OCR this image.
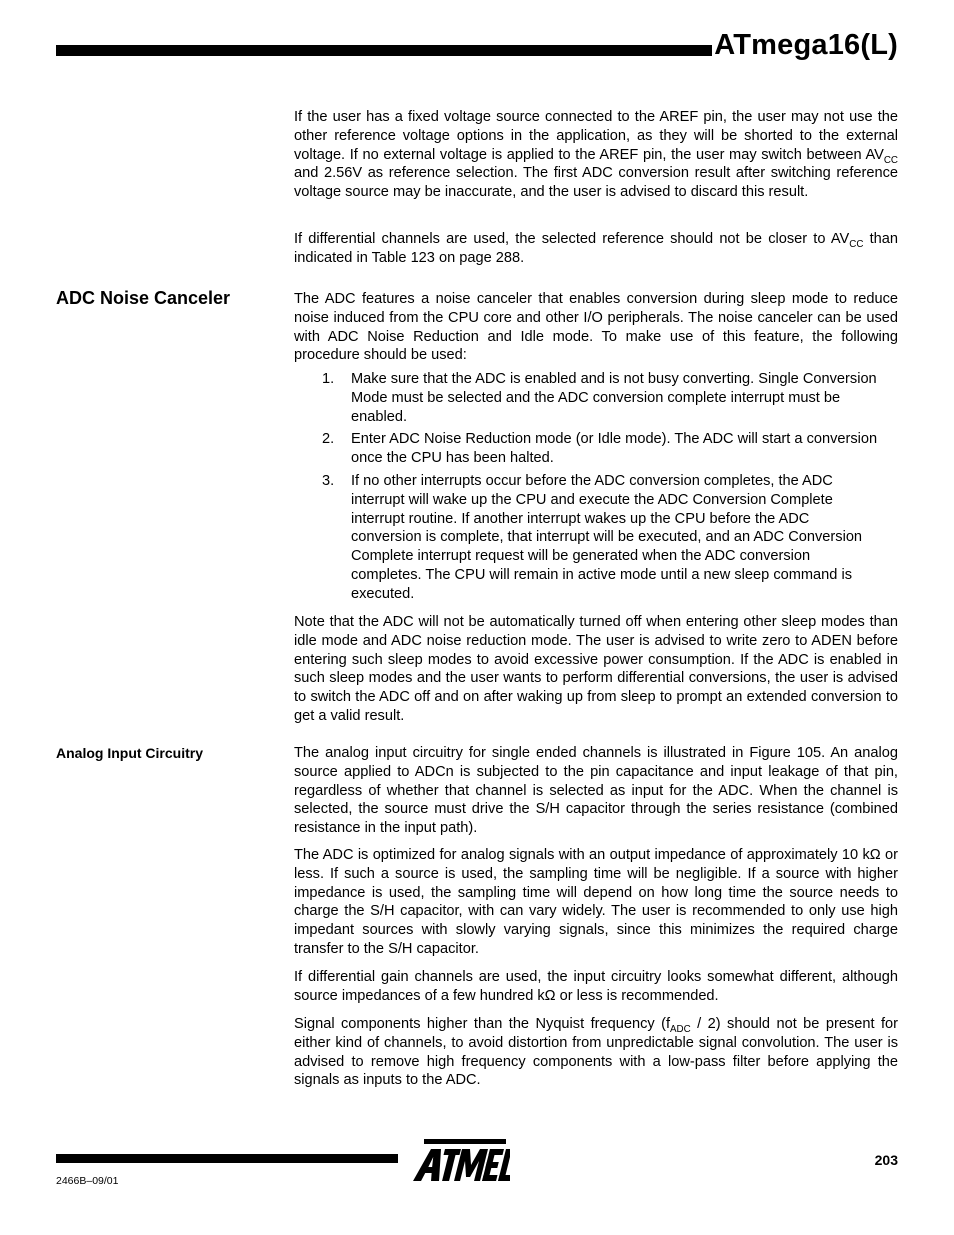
ATmega16(L)

If the user has a fixed voltage source connected to the AREF pin, the user may not use the other reference voltage options in the application, as they will be shorted to the external voltage. If no external voltage is applied to the AREF pin, the user may switch between $AV_{CC}$ and 2.56V as reference selection. The first ADC conversion result after switching reference voltage source may be inaccurate, and the user is advised to discard this result.

If differential channels are used, the selected reference should not be closer to $AV_{CC}$ than indicated in Table 123 on page 288.

ADC Noise Canceler	The ADC features a noise canceler that enables conversion during sleep mode to reduce noise induced from the CPU core and other I/O peripherals. The noise canceler can be used with ADC Noise Reduction and Idle mode. To make use of this feature, the following procedure should be used:

1. Make sure that the ADC is enabled and is not busy converting. Single Conversion Mode must be selected and the ADC conversion complete interrupt must be enabled.
2. Enter ADC Noise Reduction mode (or Idle mode). The ADC will start a conversion once the CPU has been halted.
3. If no other interrupts occur before the ADC conversion completes, the ADC interrupt will wake up the CPU and execute the ADC Conversion Complete interrupt routine. If another interrupt wakes up the CPU before the ADC conversion is complete, that interrupt will be executed, and an ADC Conversion Complete interrupt request will be generated when the ADC conversion completes. The CPU will remain in active mode until a new sleep command is executed.

Note that the ADC will not be automatically turned off when entering other sleep modes than idle mode and ADC noise reduction mode. The user is advised to write zero to ADEN before entering such sleep modes to avoid excessive power consumption. If the ADC is enabled in such sleep modes and the user wants to perform differential conversions, the user is advised to switch the ADC off and on after waking up from sleep to prompt an extended conversion to get a valid result.

Analog Input Circuitry	The analog input circuitry for single ended channels is illustrated in Figure 105. An analog source applied to ADCn is subjected to the pin capacitance and input leakage of that pin, regardless of whether that channel is selected as input for the ADC. When the channel is selected, the source must drive the S/H capacitor through the series resistance (combined resistance in the input path).

The ADC is optimized for analog signals with an output impedance of approximately 10 kΩ or less. If such a source is used, the sampling time will be negligible. If a source with higher impedance is used, the sampling time will depend on how long time the source needs to charge the S/H capacitor, with can vary widely. The user is recommended to only use high impedant sources with slowly varying signals, since this minimizes the required charge transfer to the S/H capacitor.

If differential gain channels are used, the input circuitry looks somewhat different, although source impedances of a few hundred kΩ or less is recommended.

Signal components higher than the Nyquist frequency $(f_{ADC} / 2)$ should not be present for either kind of channels, to avoid distortion from unpredictable signal convolution. The user is advised to remove high frequency components with a low-pass filter before applying the signals as inputs to the ADC.

203
2466B–09/01
